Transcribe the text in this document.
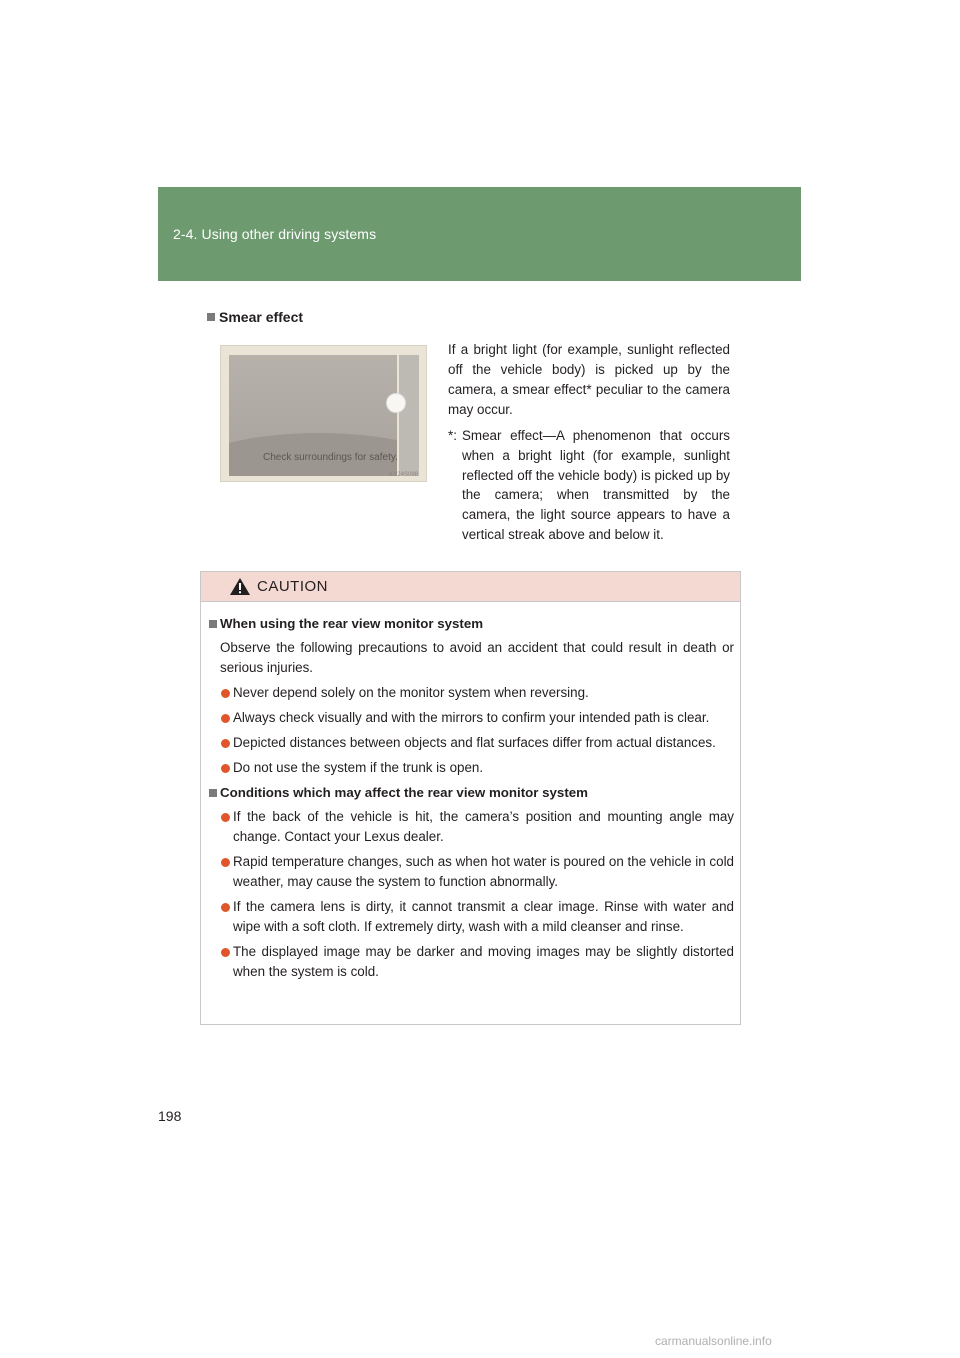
2-4. Using other driving systems
Smear effect
Check surroundings for safety.
ILY24S098
If a bright light (for example, sunlight reflected off the vehicle body) is picked up by the camera, a smear effect* peculiar to the camera may occur.
*: Smear effect—A phenomenon that occurs when a bright light (for example, sunlight reflected off the vehicle body) is picked up by the camera; when transmitted by the camera, the light source appears to have a vertical streak above and below it.
CAUTION
When using the rear view monitor system
Observe the following precautions to avoid an accident that could result in death or serious injuries.
Never depend solely on the monitor system when reversing.
Always check visually and with the mirrors to confirm your intended path is clear.
Depicted distances between objects and flat surfaces differ from actual distances.
Do not use the system if the trunk is open.
Conditions which may affect the rear view monitor system
If the back of the vehicle is hit, the camera’s position and mounting angle may change. Contact your Lexus dealer.
Rapid temperature changes, such as when hot water is poured on the vehicle in cold weather, may cause the system to function abnormally.
If the camera lens is dirty, it cannot transmit a clear image. Rinse with water and wipe with a soft cloth. If extremely dirty, wash with a mild cleanser and rinse.
The displayed image may be darker and moving images may be slightly distorted when the system is cold.
198
carmanualsonline.info
